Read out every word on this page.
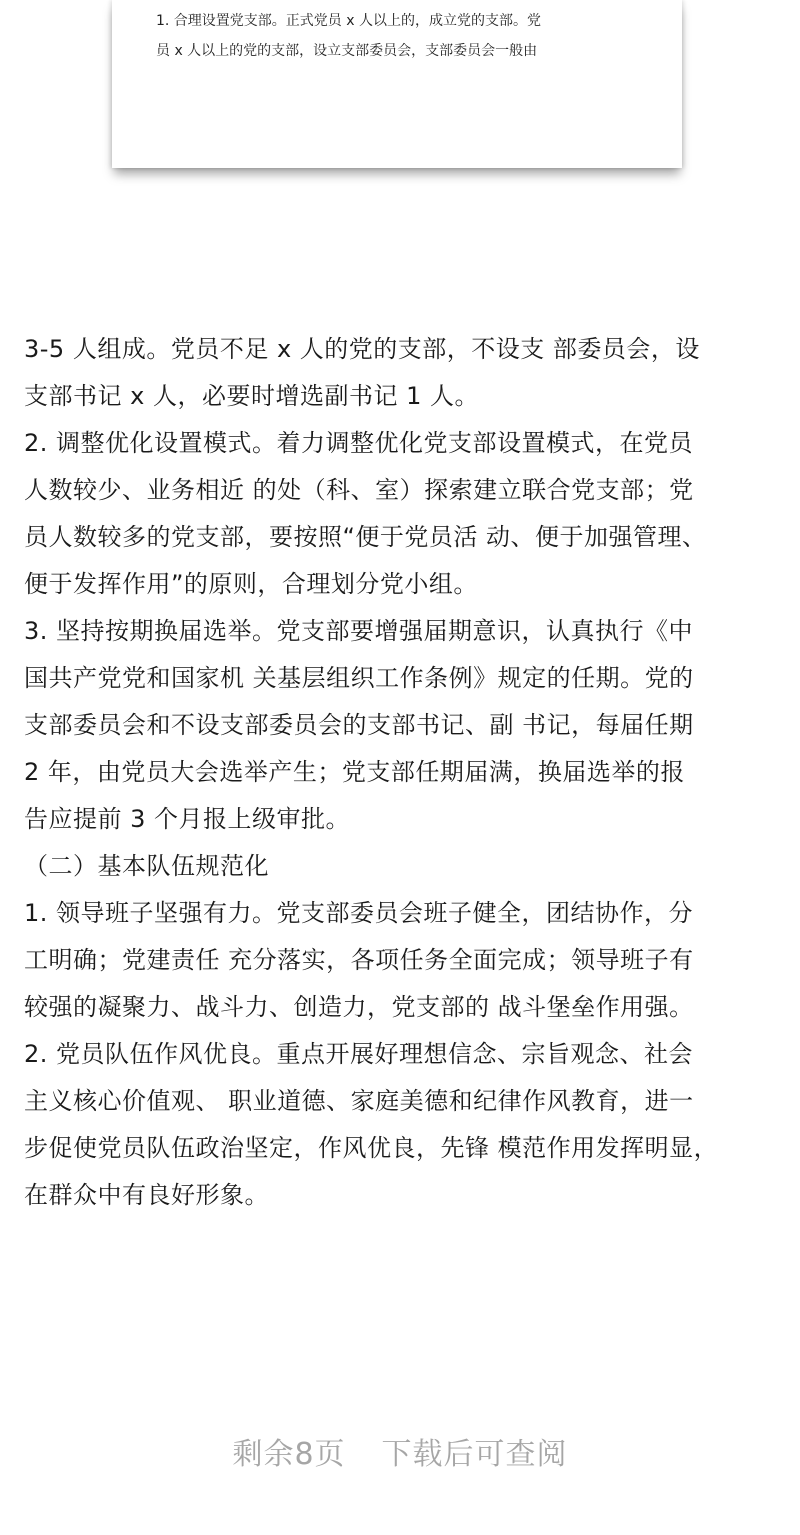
1. 合理设置党支部。正式党员 x 人以上的，成立党的支部。党
员 x 人以上的党的支部，设立支部委员会，支部委员会一般由
3-5 人组成。党员不足 x 人的党的支部，不设支 部委员会，设
支部书记 x 人，必要时增选副书记 1 人。
2. 调整优化设置模式。着力调整优化党支部设置模式，在党员
人数较少、业务相近 的处（科、室）探索建立联合党支部；党
员人数较多的党支部，要按照“便于党员活 动、便于加强管理、
便于发挥作用”的原则，合理划分党小组。
3. 坚持按期换届选举。党支部要增强届期意识，认真执行《中
国共产党党和国家机 关基层组织工作条例》规定的任期。党的
支部委员会和不设支部委员会的支部书记、副 书记，每届任期
2 年，由党员大会选举产生；党支部任期届满，换届选举的报
告应提前 3 个月报上级审批。
（二）基本队伍规范化
1. 领导班子坚强有力。党支部委员会班子健全，团结协作，分
工明确；党建责任 充分落实，各项任务全面完成；领导班子有
较强的凝聚力、战斗力、创造力，党支部的 战斗堡垒作用强。
2. 党员队伍作风优良。重点开展好理想信念、宗旨观念、社会
主义核心价值观、 职业道德、家庭美德和纪律作风教育，进一
步促使党员队伍政治坚定，作风优良，先锋 模范作用发挥明显，
在群众中有良好形象。
剩余8页 下载后可查阅
